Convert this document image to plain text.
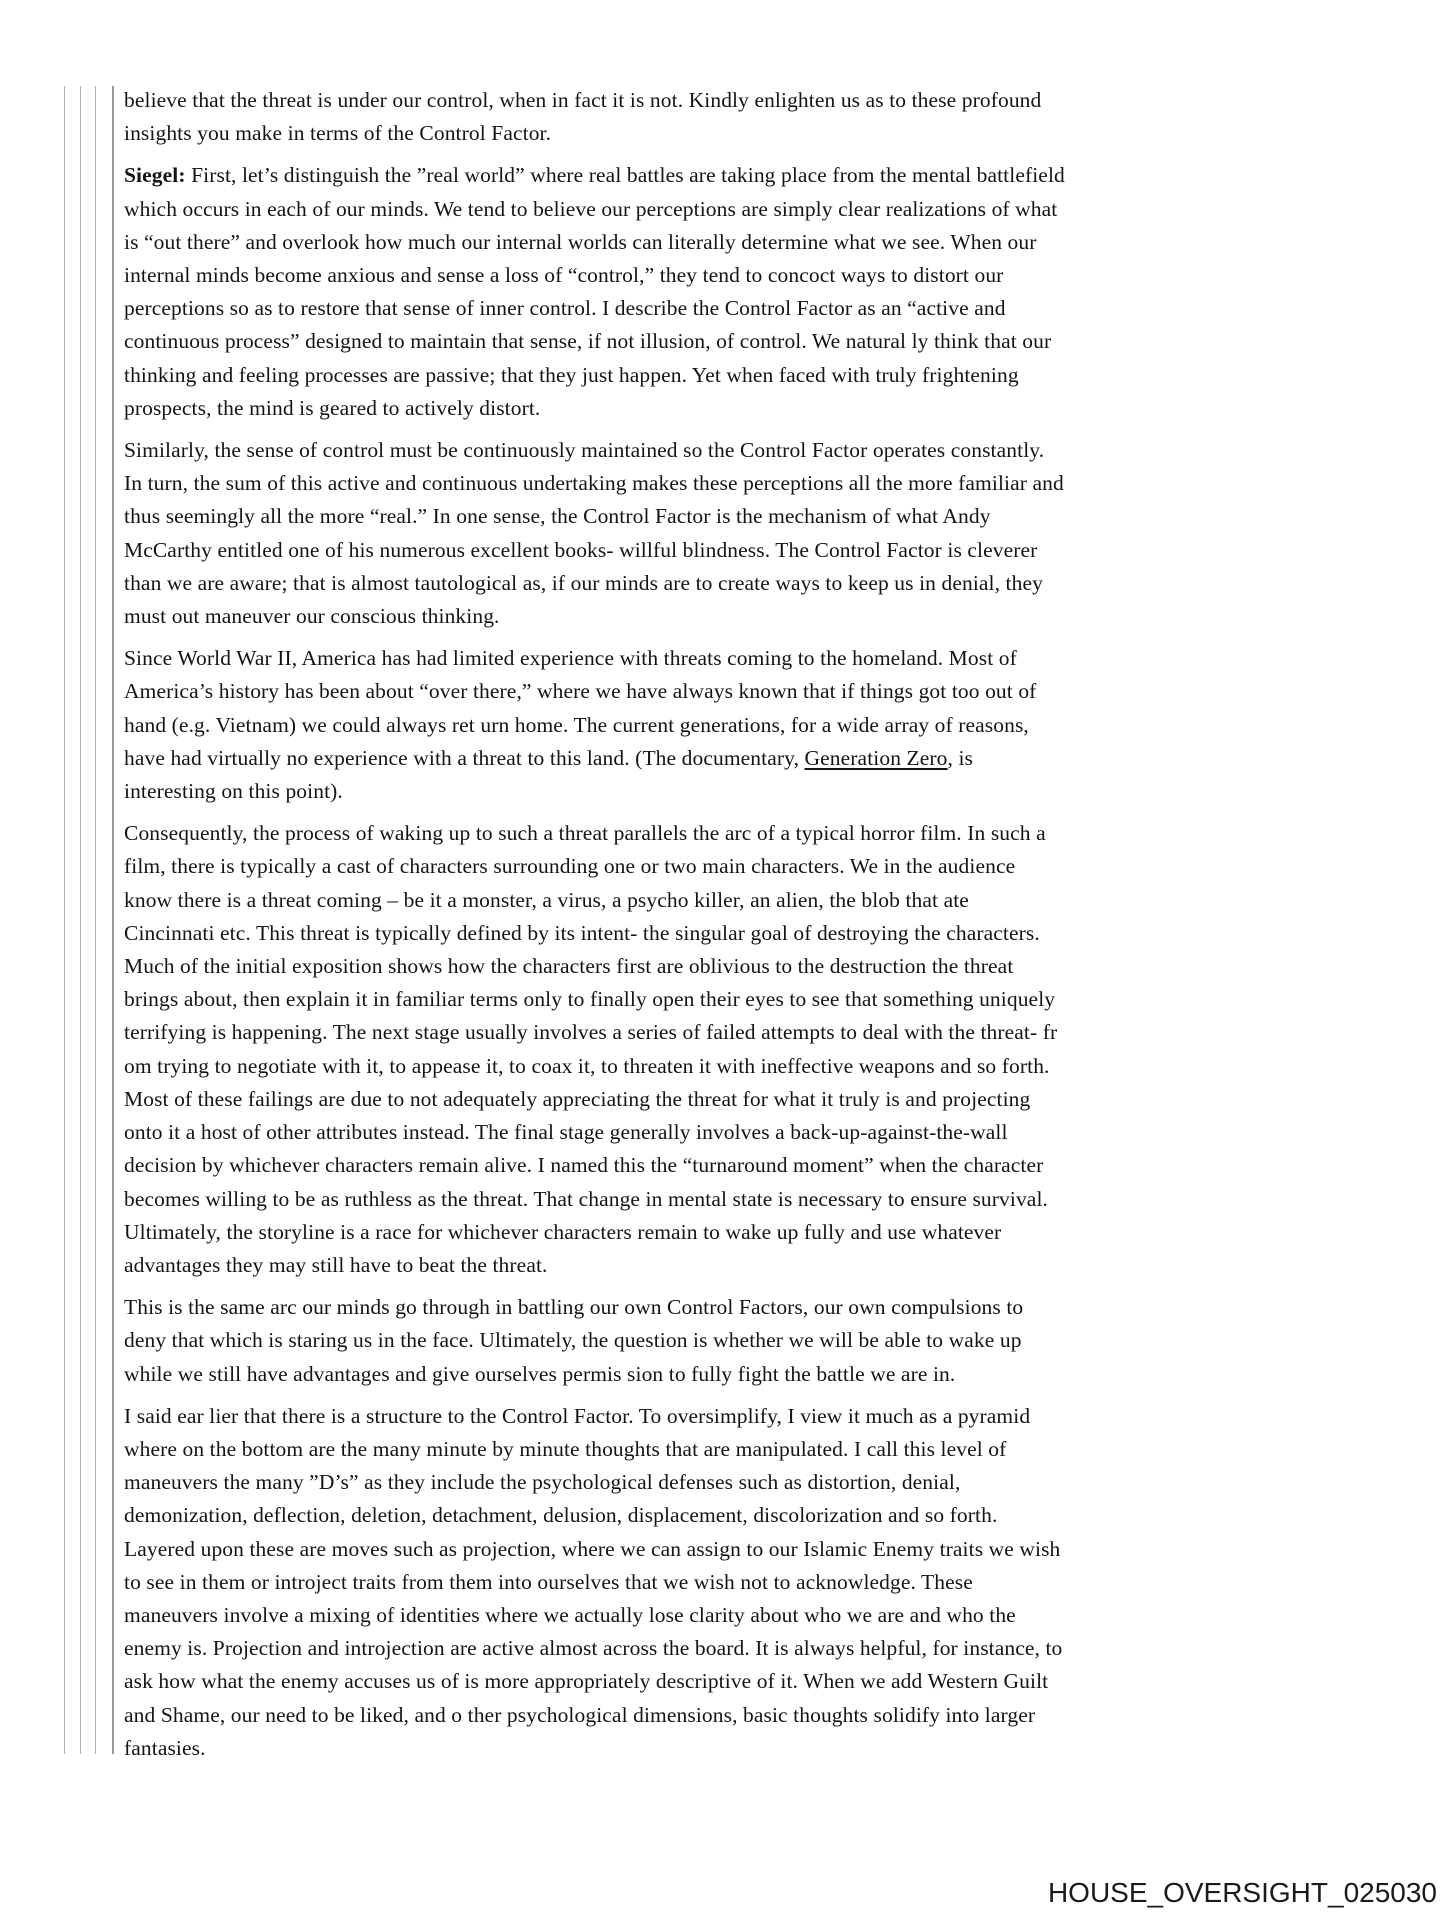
believe that the threat is under our control, when in fact it is not. Kindly enlighten us as to these profound
insights you make in terms of the Control Factor.
Siegel: First, let’s distinguish the ”real world” where real battles are taking place from the mental battlefield
which occurs in each of our minds. We tend to believe our perceptions are simply clear realizations of what
is “out there” and overlook how much our internal worlds can literally determine what we see. When our
internal minds become anxious and sense a loss of “control,” they tend to concoct ways to distort our
perceptions so as to restore that sense of inner control. I describe the Control Factor as an “active and
continuous process” designed to maintain that sense, if not illusion, of control. We natural ly think that our
thinking and feeling processes are passive; that they just happen. Yet when faced with truly frightening
prospects, the mind is geared to actively distort.
Similarly, the sense of control must be continuously maintained so the Control Factor operates constantly.
In turn, the sum of this active and continuous undertaking makes these perceptions all the more familiar and
thus seemingly all the more “real.” In one sense, the Control Factor is the mechanism of what Andy
McCarthy entitled one of his numerous excellent books- willful blindness. The Control Factor is cleverer
than we are aware; that is almost tautological as, if our minds are to create ways to keep us in denial, they
must out maneuver our conscious thinking.
Since World War II, America has had limited experience with threats coming to the homeland. Most of
America’s history has been about “over there,” where we have always known that if things got too out of
hand (e.g. Vietnam) we could always ret urn home. The current generations, for a wide array of reasons,
have had virtually no experience with a threat to this land. (The documentary, Generation Zero, is
interesting on this point).
Consequently, the process of waking up to such a threat parallels the arc of a typical horror film. In such a
film, there is typically a cast of characters surrounding one or two main characters. We in the audience
know there is a threat coming – be it a monster, a virus, a psycho killer, an alien, the blob that ate
Cincinnati etc. This threat is typically defined by its intent- the singular goal of destroying the characters.
Much of the initial exposition shows how the characters first are oblivious to the destruction the threat
brings about, then explain it in familiar terms only to finally open their eyes to see that something uniquely
terrifying is happening. The next stage usually involves a series of failed attempts to deal with the threat- fr
om trying to negotiate with it, to appease it, to coax it, to threaten it with ineffective weapons and so forth.
Most of these failings are due to not adequately appreciating the threat for what it truly is and projecting
onto it a host of other attributes instead. The final stage generally involves a back-up-against-the-wall
decision by whichever characters remain alive. I named this the “turnaround moment” when the character
becomes willing to be as ruthless as the threat. That change in mental state is necessary to ensure survival.
Ultimately, the storyline is a race for whichever characters remain to wake up fully and use whatever
advantages they may still have to beat the threat.
This is the same arc our minds go through in battling our own Control Factors, our own compulsions to
deny that which is staring us in the face. Ultimately, the question is whether we will be able to wake up
while we still have advantages and give ourselves permis sion to fully fight the battle we are in.
I said ear lier that there is a structure to the Control Factor. To oversimplify, I view it much as a pyramid
where on the bottom are the many minute by minute thoughts that are manipulated. I call this level of
maneuvers the many ”D’s” as they include the psychological defenses such as distortion, denial,
demonization, deflection, deletion, detachment, delusion, displacement, discolorization and so forth.
Layered upon these are moves such as projection, where we can assign to our Islamic Enemy traits we wish
to see in them or introject traits from them into ourselves that we wish not to acknowledge. These
maneuvers involve a mixing of identities where we actually lose clarity about who we are and who the
enemy is. Projection and introjection are active almost across the board. It is always helpful, for instance, to
ask how what the enemy accuses us of is more appropriately descriptive of it. When we add Western Guilt
and Shame, our need to be liked, and o ther psychological dimensions, basic thoughts solidify into larger
fantasies.
HOUSE_OVERSIGHT_025030
